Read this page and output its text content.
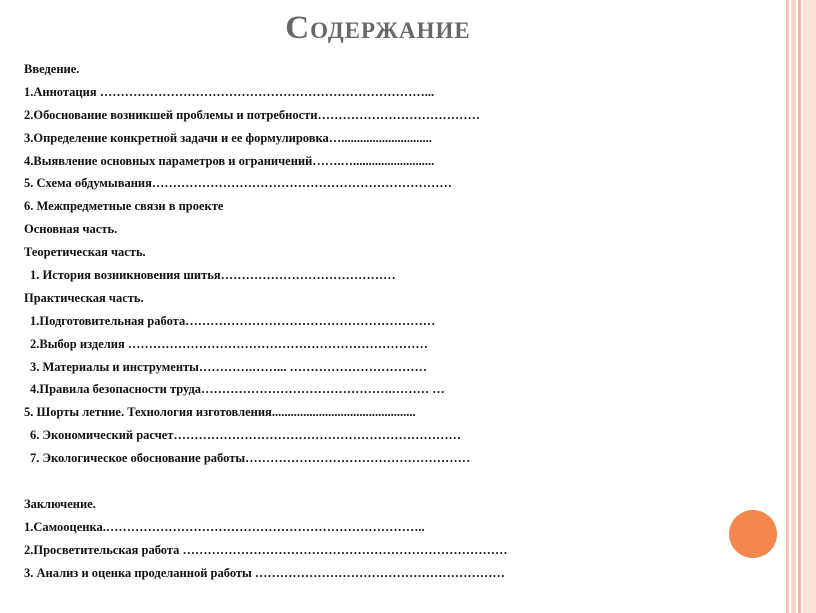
Содержание
Введение.
1.Аннотация ……………………………………………………………………...
2.Обоснование возникшей проблемы и потребности…………………………………
3.Определение конкретной задачи и ее формулировка….............................
4.Выявление основных параметров и ограничений…….…..........................
5. Схема обдумывания………………………………………………………………
6. Межпредметные связи в проекте
Основная часть.
Теоретическая часть.
1. История возникновения шитья……………………………………
Практическая часть.
1.Подготовительная работа……………………………………………………
2.Выбор изделия ………………………………………………………………
3. Материалы и инструменты………….……... ……………………………
4.Правила безопасности труда……………………………………….……… …
5. Шорты летние. Технология изготовления..............................................
6. Экономический расчет……………………………………………………………
7. Экологическое обоснование работы………………………………………………
Заключение.
1.Самооценка.…………………………………………………………………..
2.Просветительская работа ……………………………………………………………………
3. Анализ и оценка проделанной работы ……………………………………………………
